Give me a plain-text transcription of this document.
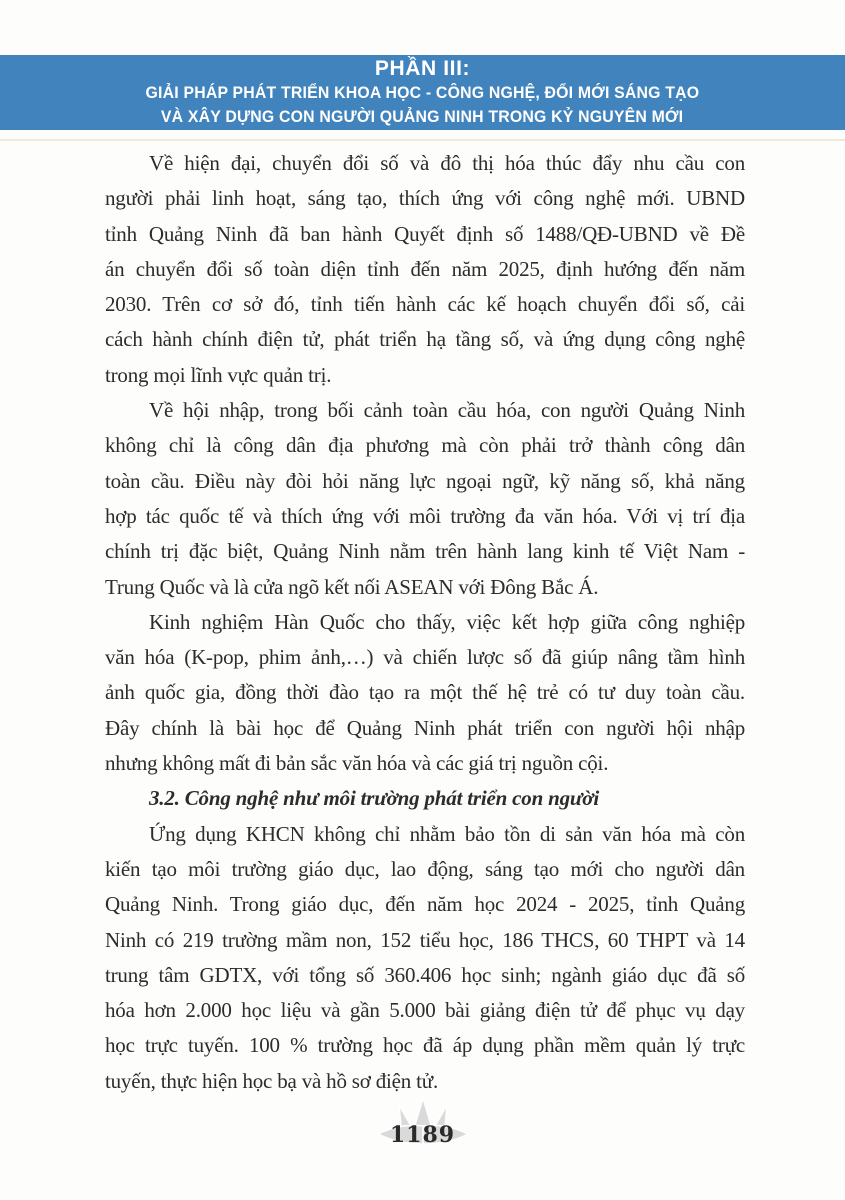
PHẦN III:
GIẢI PHÁP PHÁT TRIỂN KHOA HỌC - CÔNG NGHỆ, ĐỔI MỚI SÁNG TẠO
VÀ XÂY DỰNG CON NGƯỜI QUẢNG NINH TRONG KỶ NGUYÊN MỚI
Về hiện đại, chuyển đổi số và đô thị hóa thúc đẩy nhu cầu con
người phải linh hoạt, sáng tạo, thích ứng với công nghệ mới. UBND
tỉnh Quảng Ninh đã ban hành Quyết định số 1488/QĐ-UBND về Đề
án chuyển đổi số toàn diện tỉnh đến năm 2025, định hướng đến năm
2030. Trên cơ sở đó, tỉnh tiến hành các kế hoạch chuyển đổi số, cải
cách hành chính điện tử, phát triển hạ tầng số, và ứng dụng công nghệ
trong mọi lĩnh vực quản trị.
Về hội nhập, trong bối cảnh toàn cầu hóa, con người Quảng Ninh
không chỉ là công dân địa phương mà còn phải trở thành công dân
toàn cầu. Điều này đòi hỏi năng lực ngoại ngữ, kỹ năng số, khả năng
hợp tác quốc tế và thích ứng với môi trường đa văn hóa. Với vị trí địa
chính trị đặc biệt, Quảng Ninh nằm trên hành lang kinh tế Việt Nam -
Trung Quốc và là cửa ngõ kết nối ASEAN với Đông Bắc Á.
Kinh nghiệm Hàn Quốc cho thấy, việc kết hợp giữa công nghiệp
văn hóa (K-pop, phim ảnh,…) và chiến lược số đã giúp nâng tầm hình
ảnh quốc gia, đồng thời đào tạo ra một thế hệ trẻ có tư duy toàn cầu.
Đây chính là bài học để Quảng Ninh phát triển con người hội nhập
nhưng không mất đi bản sắc văn hóa và các giá trị nguồn cội.
3.2. Công nghệ như môi trường phát triển con người
Ứng dụng KHCN không chỉ nhằm bảo tồn di sản văn hóa mà còn
kiến tạo môi trường giáo dục, lao động, sáng tạo mới cho người dân
Quảng Ninh. Trong giáo dục, đến năm học 2024 - 2025, tỉnh Quảng
Ninh có 219 trường mầm non, 152 tiểu học, 186 THCS, 60 THPT và 14
trung tâm GDTX, với tổng số 360.406 học sinh; ngành giáo dục đã số
hóa hơn 2.000 học liệu và gần 5.000 bài giảng điện tử để phục vụ dạy
học trực tuyến. 100 % trường học đã áp dụng phần mềm quản lý trực
tuyến, thực hiện học bạ và hồ sơ điện tử.
1189
